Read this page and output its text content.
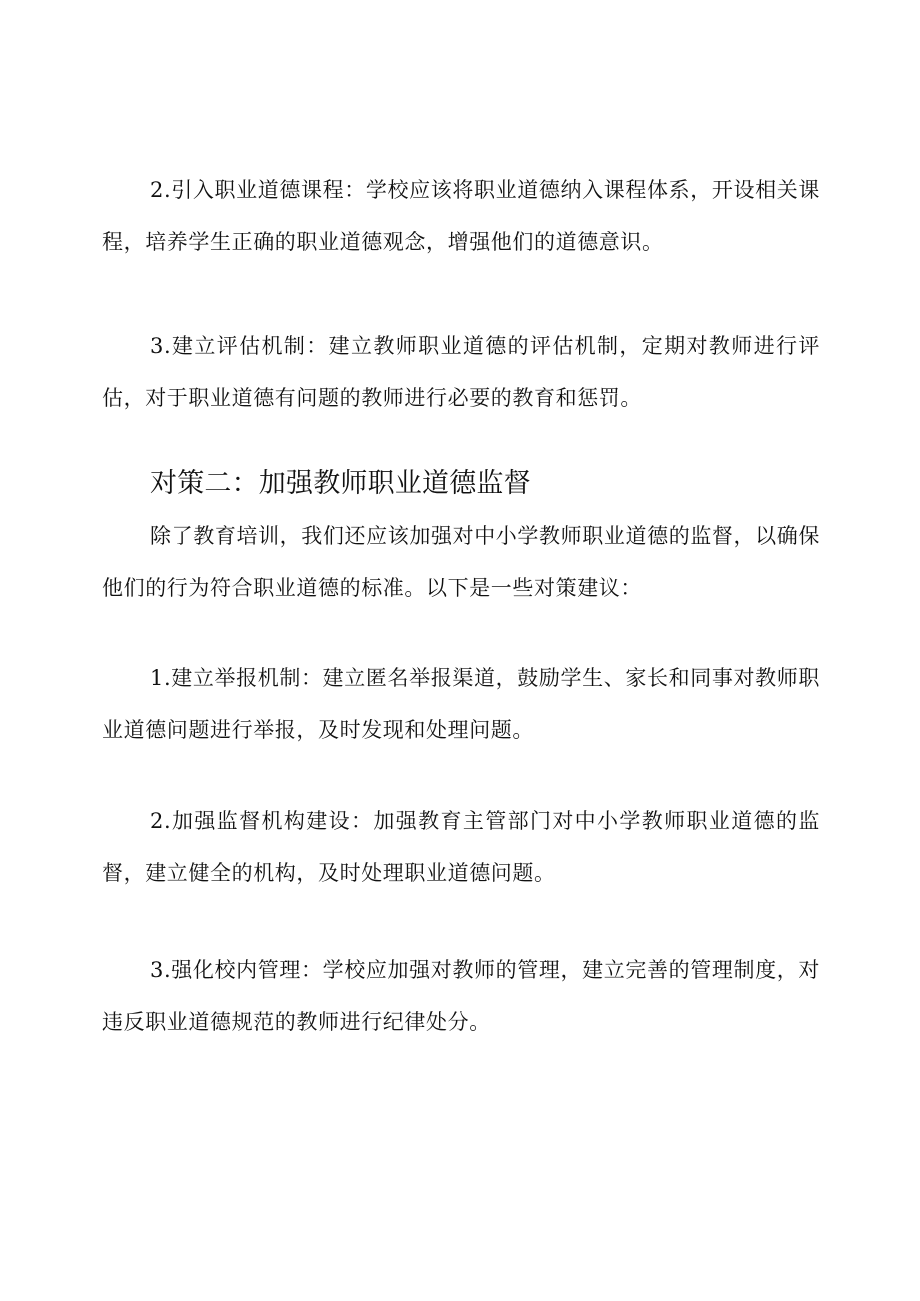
2.引入职业道德课程：学校应该将职业道德纳入课程体系，开设相关课程，培养学生正确的职业道德观念，增强他们的道德意识。

3.建立评估机制：建立教师职业道德的评估机制，定期对教师进行评估，对于职业道德有问题的教师进行必要的教育和惩罚。

对策二：加强教师职业道德监督

除了教育培训，我们还应该加强对中小学教师职业道德的监督，以确保他们的行为符合职业道德的标准。以下是一些对策建议：

1.建立举报机制：建立匿名举报渠道，鼓励学生、家长和同事对教师职业道德问题进行举报，及时发现和处理问题。

2.加强监督机构建设：加强教育主管部门对中小学教师职业道德的监督，建立健全的机构，及时处理职业道德问题。

3.强化校内管理：学校应加强对教师的管理，建立完善的管理制度，对违反职业道德规范的教师进行纪律处分。
